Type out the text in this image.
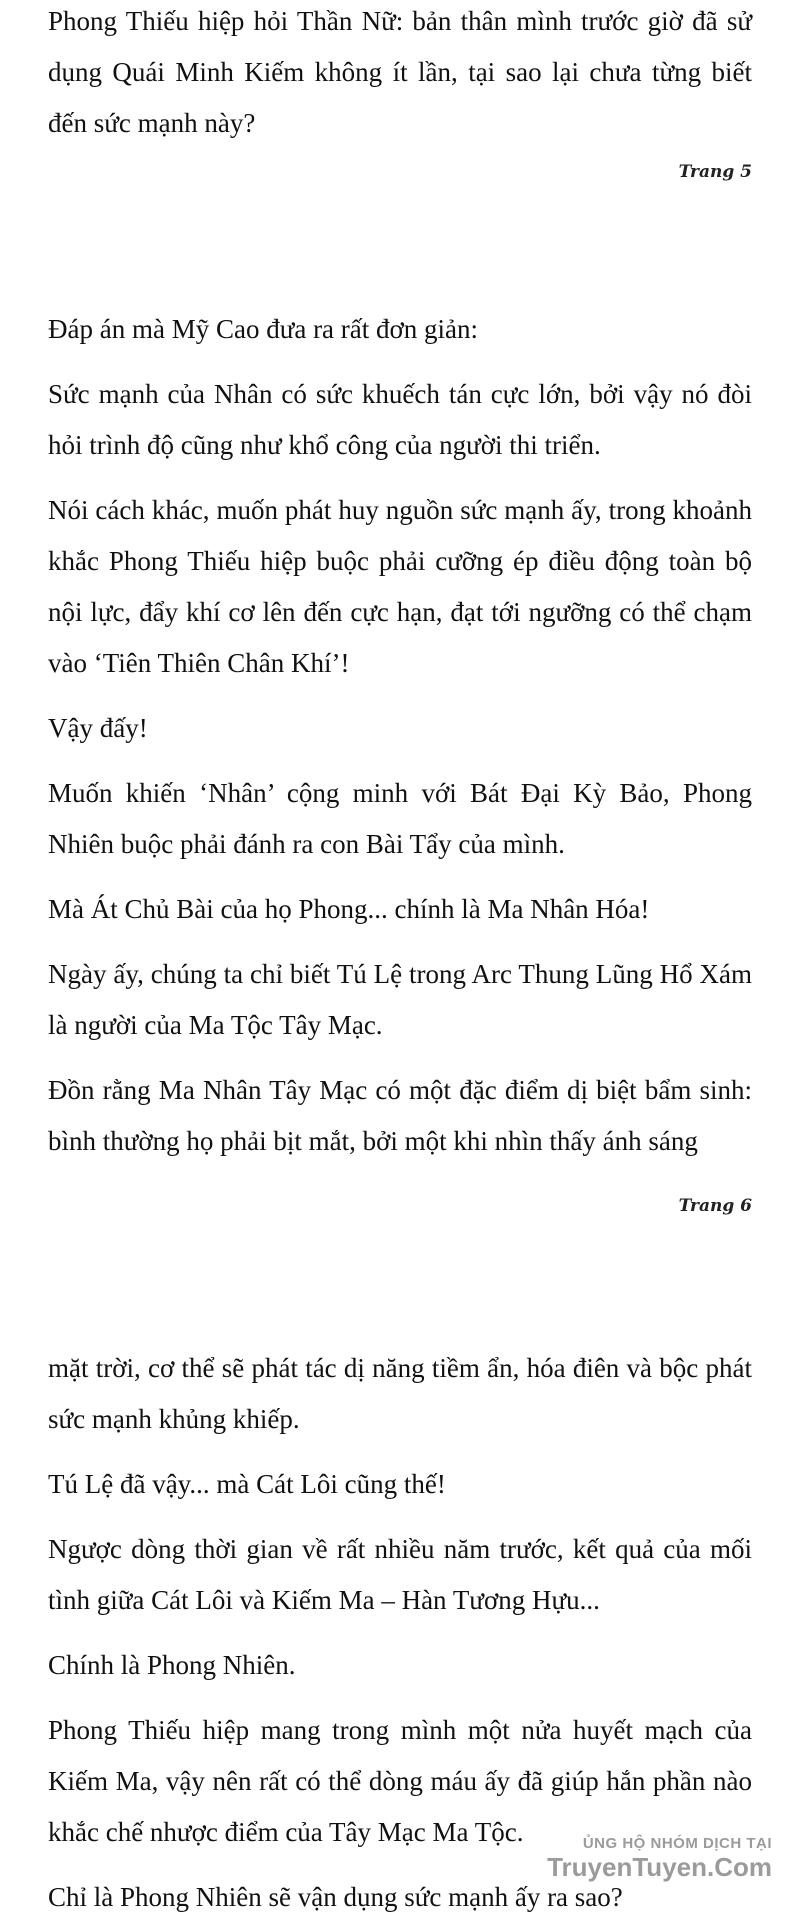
Phong Thiếu hiệp hỏi Thần Nữ: bản thân mình trước giờ đã sử dụng Quái Minh Kiếm không ít lần, tại sao lại chưa từng biết đến sức mạnh này?

Trang 5

Đáp án mà Mỹ Cao đưa ra rất đơn giản:

Sức mạnh của Nhân có sức khuếch tán cực lớn, bởi vậy nó đòi hỏi trình độ cũng như khổ công của người thi triển.

Nói cách khác, muốn phát huy nguồn sức mạnh ấy, trong khoảnh khắc Phong Thiếu hiệp buộc phải cưỡng ép điều động toàn bộ nội lực, đẩy khí cơ lên đến cực hạn, đạt tới ngưỡng có thể chạm vào ‘Tiên Thiên Chân Khí’!

Vậy đấy!

Muốn khiến ‘Nhân’ cộng minh với Bát Đại Kỳ Bảo, Phong Nhiên buộc phải đánh ra con Bài Tẩy của mình.

Mà Át Chủ Bài của họ Phong... chính là Ma Nhân Hóa!

Ngày ấy, chúng ta chỉ biết Tú Lệ trong Arc Thung Lũng Hổ Xám là người của Ma Tộc Tây Mạc.

Đồn rằng Ma Nhân Tây Mạc có một đặc điểm dị biệt bẩm sinh: bình thường họ phải bịt mắt, bởi một khi nhìn thấy ánh sáng

Trang 6

mặt trời, cơ thể sẽ phát tác dị năng tiềm ẩn, hóa điên và bộc phát sức mạnh khủng khiếp.

Tú Lệ đã vậy... mà Cát Lôi cũng thế!

Ngược dòng thời gian về rất nhiều năm trước, kết quả của mối tình giữa Cát Lôi và Kiếm Ma – Hàn Tương Hựu...

Chính là Phong Nhiên.

Phong Thiếu hiệp mang trong mình một nửa huyết mạch của Kiếm Ma, vậy nên rất có thể dòng máu ấy đã giúp hắn phần nào khắc chế nhược điểm của Tây Mạc Ma Tộc.

Chỉ là Phong Nhiên sẽ vận dụng sức mạnh ấy ra sao?

ỦNG HỘ NHÓM DỊCH TẠI
TruyenTuyen.Com
